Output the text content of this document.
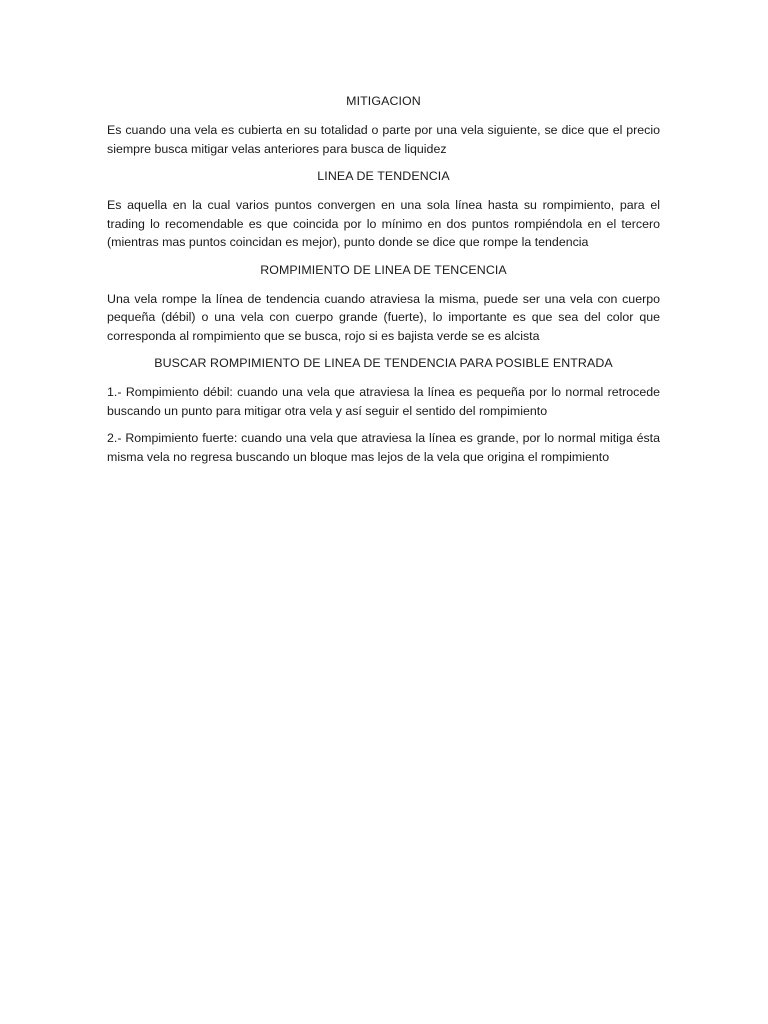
MITIGACION

Es cuando una vela es cubierta en su totalidad o parte por una vela siguiente, se dice que el precio siempre busca mitigar velas anteriores para busca de liquidez

LINEA DE TENDENCIA

Es aquella en la cual varios puntos convergen en una sola línea hasta su rompimiento, para el trading lo recomendable es que coincida por lo mínimo en dos puntos rompiéndola en el tercero (mientras mas puntos coincidan es mejor), punto donde se dice que rompe la tendencia

ROMPIMIENTO DE LINEA DE TENCENCIA

Una vela rompe la línea de tendencia cuando atraviesa la misma, puede ser una vela con cuerpo pequeña (débil) o una vela con cuerpo grande (fuerte), lo importante es que sea del color que corresponda al rompimiento que se busca, rojo si es bajista verde se es alcista

BUSCAR ROMPIMIENTO DE LINEA DE TENDENCIA PARA POSIBLE ENTRADA

1.- Rompimiento débil: cuando una vela que atraviesa la línea es pequeña por lo normal retrocede buscando un punto para mitigar otra vela y así seguir el sentido del rompimiento

2.- Rompimiento fuerte: cuando una vela que atraviesa la línea es grande, por lo normal mitiga ésta misma vela no regresa buscando un bloque mas lejos de la vela que origina el rompimiento
